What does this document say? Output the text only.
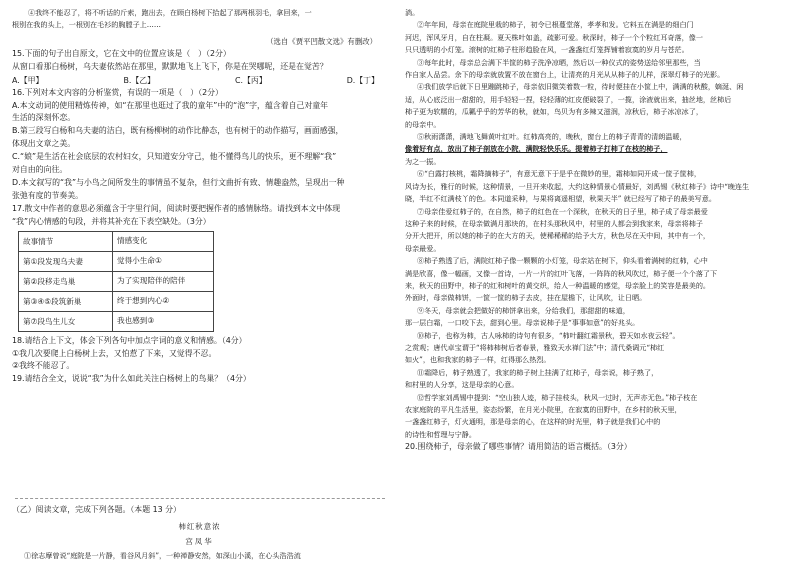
④我终不能忍了，将不听话的斤索，跑出去，在顾白杨树下拾起了那两根羽毛，拿回来，一

根别在我的头上，一根别在毛衫的胸膛子上……

（选自《贾平凹散文选》有删改）

15.下面的句子出自原文，它在文中的位置应该是（　）（2分）

从窗口看那白杨树，乌夫妻依然站在那里，默默地飞上飞下，你是在哭哪呢，还是在觉苦？

A.【甲】	B.【乙】	C.【丙】	D.【丁】

16.下列对本文内容的分析鉴赏，有误的一项是（　）（2分）

A.本文动词的使用精炼传神，如“在那里也逛过了我的童年”中的“泡”字，蕴含着自己对童年

生活的深刻怀恋。

B.第三段写白杨和乌夫妻的洁白，既有杨柳树的动作比静态，也有树于的动作描写，画面感强，

体现出文章之美。

C.“娘”是生活在社会底层的农村妇女，只知道安分守己，他不懂得鸟儿的快乐，更不理解“我”

对自由的向往。

D.本文叙写的“我”与小鸟之间所发生的事情虽不复杂，但行文曲折有致、情趣盎然，呈现出一种

张弛有度的节奏美。

17.散文中作者的意思必须蕴含于字里行间，阅读时要把握作者的感情脉络。请找到本文中体现

“我”内心情感的句段，并将其补充在下表空缺处。（3分）

故事情节	情感变化
第①段发现乌夫妻	觉得小生命①
第②段移走鸟巢	为了实现陪伴的陪伴
第③④⑤段筑新巢	终于想到内心②
第⑦段鸟生儿女	我也感到③

18.请结合上下文，体会下列各句中加点字词的意义和情感。（4分）

①我几次要爬上白杨树上去，又怕惹了下来，又觉得不忍。

②我终不能忍了。

19.请结合全文，说说“我”为什么如此关注白杨树上的鸟巢？（4分）

（乙）阅读文章，完成下列各题。（本题 13 分）

柿红秋意浓

宫凤华

①徐志摩曾说“庭院是一片静，看谷风月斜”，一种禅静安然，如深山小溪，在心头浩浩流

淌。

②年年间，母亲在庭院里栽的柿子，初令已根蔓堂落，孝孝和发。它料五在满是的细白门

河迟，浑风牙月，自在柱凝。夏天株叶如盖，疏影可爱。秋深时，柿子一个个粒红耳奇落，像一

只只透明的小灯笼。滚树的红柿子柱形趋脸在风，一盏盏红灯笼挥铺着寂寞的岁月与苍茫。

③每年此时，母亲总会满下半筐的柿子洗净凉晒，然后以一种仪式的姿势送给邻里那些，当

作自家人品尝。余下的母亲就放置不放在窗台上，让清亮的月光从从柿子的儿样，深翠灯柿子的光影。

④我们放学后就下日里蹦跳柿子，母亲依旧微笑着数一粒，待时便挂在小筐上中，满满的秋酸，嫡涎、闲

适，从心底泛出一甜甜的，用手轻轻一捏，轻轻薄的红皮便破裂了，一揽，涂液就出来，抽丝地，丝柿后

柿子更为软糯的，瓜瓤乎乎的芳华的秋，就如，鸟贝为有多辣又滋润，凉秋后，柿子冰凉冰了，

的母亲中。

⑤秋雨潇潇，满地飞舞黄叶红叶。红柿高亮的，晚秋，窗台上的柿子青青的清朗温暖，

像着好有点，放出了柿子剖放在小院，满院轻快乐乐。提着柿子打柿了在枝的柿子，

为之一振。

⑥“白露打核桃，霜降摘柿子”，有意无意下于是乎在微妙的里，霜柿如同开成一筐子筐柿，

风诗为长，雅行的时候，这种情景，一旦开来收起，大约这种情景心情最好，刘禹锡《秋红柿子》诗中“晚连生

晓，半红不红满枝丫的色。本同道采种，与果将离遥相望，秋果天半” 就已经写了柿子的最美写意。

⑦母亲佳爱红柿子的，在自然，柿子的红色在一个深秋，在秋天的日子里，柿子成了母亲最爱

这种子来的时候，在母亲做满月那块的，在村头那秋风中，村里的人都会到我家来，母亲将柿子

分开大把开，所以她的柿子的在大方的天，使稀稀稀的给予大方，秋色尽在天中间，其中有一个，

母亲最爱。

⑧柿子熟透了后，满院红柿子像一颗颗的小灯笼，母亲站在树下，仰头看着满树的红柿，心中

满是欣喜，像一幅画，又像一首诗，一片一片的红叶飞落，一阵阵的秋风吹过，柿子便一个个落了下

来，秋天的田野中，柿子的红和树叶的黄交织，给人一种温暖的感觉，母亲脸上的笑容是最美的。

外面时，母亲做柿饼，一筐一筐的柿子去皮，挂在屋檐下，让风吹，让日晒。

⑨冬天，母亲就会把做好的柿饼拿出来，分给我们，那甜甜的味道，

那一层白霜，一口咬下去，甜到心里。母亲说柿子是“事事如意”的好兆头。

⑩柿子，也称为柿，古人咏柿的诗句有很多，“柿叶翻红霜景秋，碧天如水夜云轻”。

之赏观；唐代卓宝谓于“将柿柿树后者春景，雅致天水禅门法”中；清代桑调元“柿红

如火”，也和我家的柿子一样，红得那么热烈。

⑪霜降后，柿子熟透了，我家的柿子树上挂满了红柿子，母亲说，柿子熟了，

和村里的人分享，这是母亲的心意。

⑫哲学家刘禹锡中提到：“空山独人迹，柿子挂枝头，秋风一过时，无声亦无色。”柿子枝在

农家庭院的平凡生活里，姿态纷繁，在月光小院里，在寂寞的田野中，在乡村的秋天里，

一盏盏红柿子，灯火通明，那是母亲的心，在这样的时光里，柿子就是我们心中的

的诗性和哲理与宁静。

20.围绕柿子，母亲做了哪些事情？请用简洁的语言概括。（3分）
